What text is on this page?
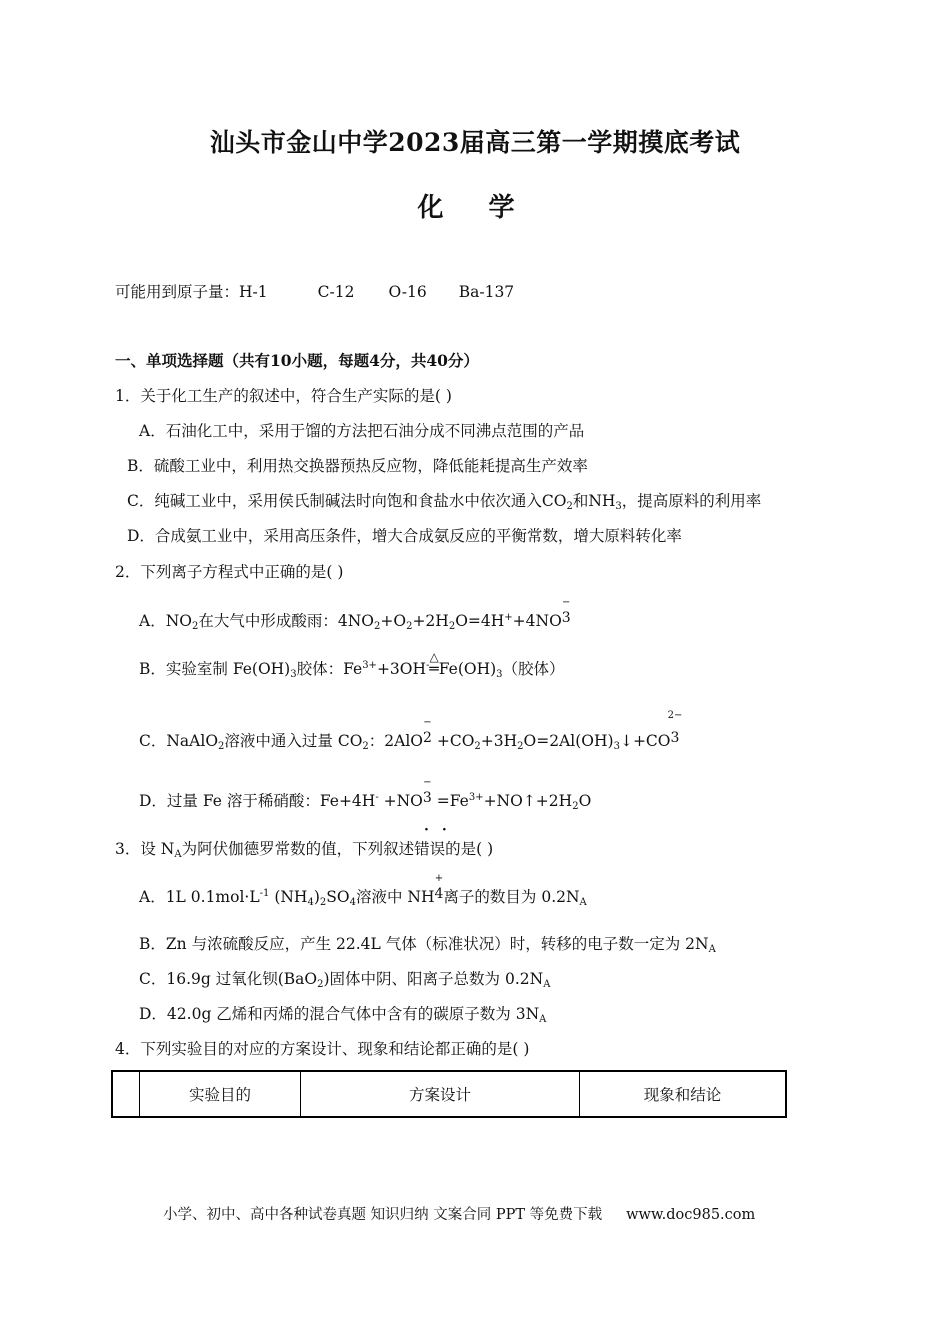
汕头市金山中学2023届高三第一学期摸底考试
化 学
可能用到原子量：H-1	C-12 O-16 Ba-137
一、单项选择题（共有10小题，每题4分，共40分）
1．关于化工生产的叙述中，符合生产实际的是( )
A．石油化工中，采用于馏的方法把石油分成不同沸点范围的产品
B．硫酸工业中，利用热交换器预热反应物，降低能耗提高生产效率
C．纯碱工业中，采用侯氏制碱法时向饱和食盐水中依次通入$CO_2$和$NH_3$，提高原料的利用率
D．合成氨工业中，采用高压条件，增大合成氨反应的平衡常数，增大原料转化率
2．下列离子方程式中正确的是( )
A．$NO_2$在大气中形成酸雨：$4NO_2+O_2+2H_2O=4H^++4NO$
−
3
B．实验室制 $Fe(OH)_3$胶体：$Fe^{3+}+3OH^-$
△
$═Fe(OH)_3$（胶体）
C．NaAlO$_2$溶液中通入过量 $CO_2$：2AlO
−
$2 +CO_2+3H_2O=2Al(OH)_3↓+CO$
2−
3
D．过量 Fe 溶于稀硝酸：Fe+4H- +NO
−
$3 =Fe^{3+}+NO↑+2H_2O$
··
3．设 $N_A$为阿伏伽德罗常数的值，下列叙述错误的是( )
A．1L $0.1mol\cdot L^{-1}$ $(NH_4)_2SO_4$溶液中 NH
+
4离子的数目为 $0.2N_A$
B．Zn 与浓硫酸反应，产生 22.4L 气体（标准状况）时，转移的电子数一定为 $2N_A$
C．16.9g 过氧化钡(BaO$_2$)固体中阴、阳离子总数为 $0.2N_A$
D．42.0g 乙烯和丙烯的混合气体中含有的碳原子数为 $3N_A$
4．下列实验目的对应的方案设计、现象和结论都正确的是( )
	实验目的	方案设计	现象和结论
小学、初中、高中各种试卷真题 知识归纳 文案合同 PPT 等免费下载 www.doc985.com
